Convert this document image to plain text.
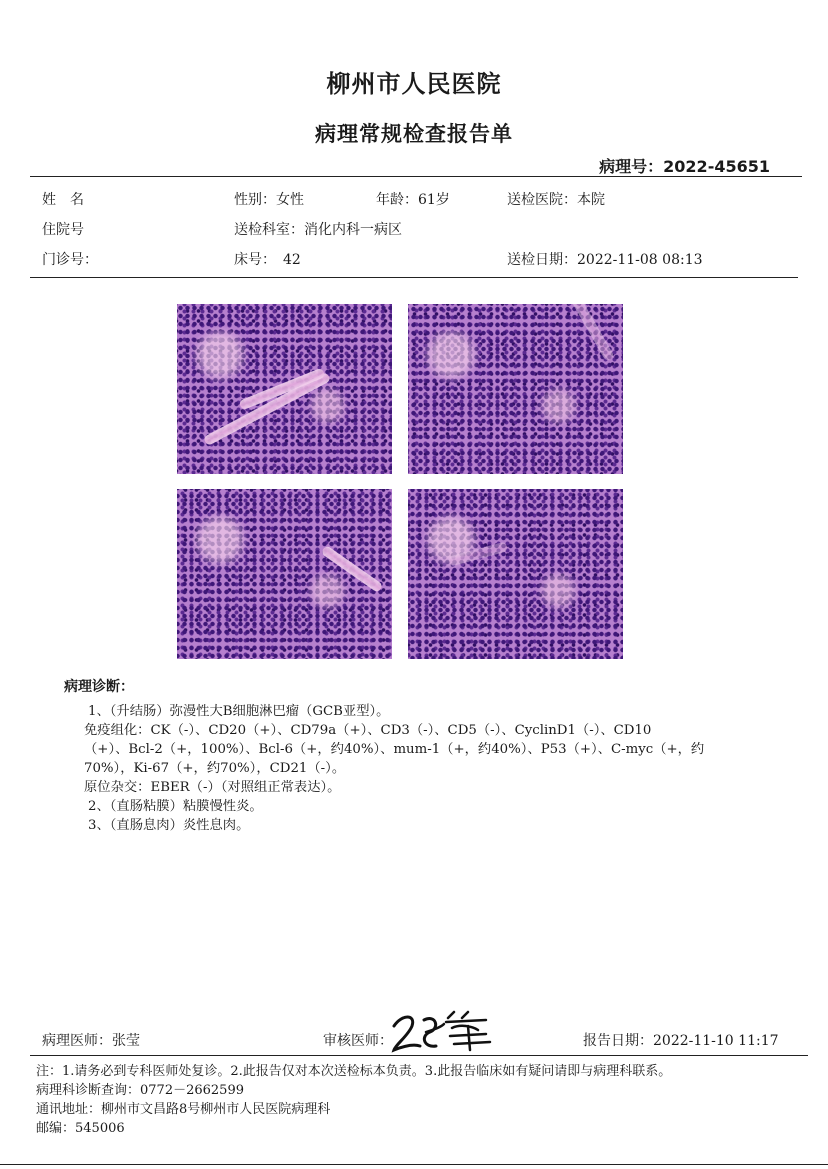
柳州市人民医院
病理常规检查报告单
病理号：2022-45651
姓　名	性别：女性	年龄：61岁	送检医院：本院
住院号	送检科室：消化内科一病区
门诊号：	床号：　42	送检日期：2022-11-08 08:13
病理诊断：
1、（升结肠）弥漫性大B细胞淋巴瘤（GCB亚型）。
免疫组化：CK（-）、CD20（+）、CD79a（+）、CD3（-）、CD5（-）、CyclinD1（-）、CD10
（+）、Bcl-2（+，100%）、Bcl-6（+，约40%）、mum-1（+，约40%）、P53（+）、C-myc（+，约
70%），Ki-67（+，约70%），CD21（-）。
原位杂交：EBER（-）（对照组正常表达）。
2、（直肠粘膜）粘膜慢性炎。
3、（直肠息肉）炎性息肉。
病理医师：张莹	审核医师：	报告日期：2022-11-10 11:17
注：1.请务必到专科医师处复诊。2.此报告仅对本次送检标本负责。3.此报告临床如有疑问请即与病理科联系。
病理科诊断查询：0772－2662599
通讯地址：柳州市文昌路8号柳州市人民医院病理科
邮编：545006
